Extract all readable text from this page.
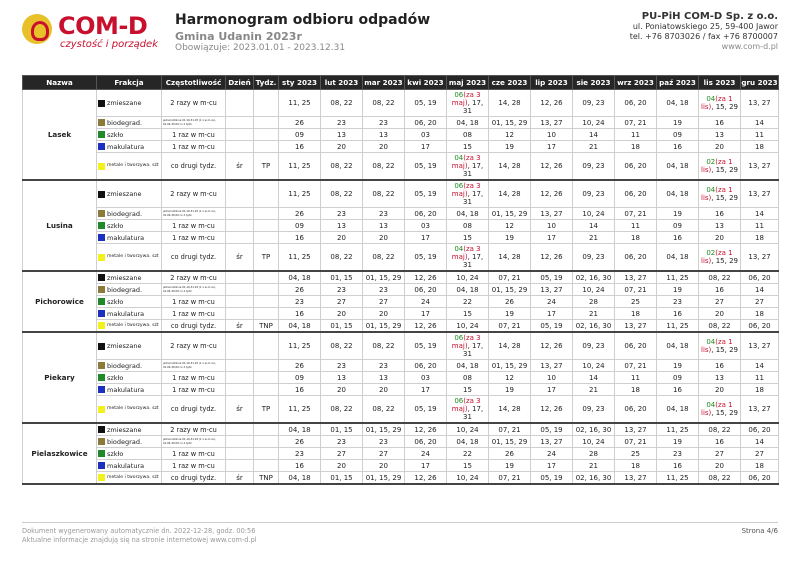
COM-D
czystość i porządek
Harmonogram odbioru odpadów
Gmina Udanin 2023r
Obowiązuje: 2023.01.01 - 2023.12.31
PU-PiH COM-D Sp. z o.o.
ul. Poniatowskiego 25, 59-400 Jawor
tel. +76 8703026 / fax +76 8700007
www.com-d.pl
Nazwa	Frakcja	Częstotliwość	Dzień	Tydz.	sty 2023	lut 2023	mar 2023	kwi 2023	maj 2023	cze 2023	lip 2023	sie 2023	wrz 2023	paź 2023	lis 2023	gru 2023
Lasek	zmieszane	2 razy w m-cu			11, 25	08, 22	08, 22	05, 19	06(za 3 maj), 17, 31	14, 28	12, 26	09, 23	06, 20	04, 18	04(za 1 lis), 15, 29	13, 27
	biodegrad.	jednorodzinne 01.10-31.03 (1 x w m-cu), 01.04-30.09 co 2 tydz.			26	23	23	06, 20	04, 18	01, 15, 29	13, 27	10, 24	07, 21	19	16	14
	szkło	1 raz w m-cu			09	13	13	03	08	12	10	14	11	09	13	11
	makulatura	1 raz w m-cu			16	20	20	17	15	19	17	21	18	16	20	18
	metale i tworzywa. szt	co drugi tydz.	śr	TP	11, 25	08, 22	08, 22	05, 19	04(za 3 maj), 17, 31	14, 28	12, 26	09, 23	06, 20	04, 18	02(za 1 lis), 15, 29	13, 27
Lusina	zmieszane	2 razy w m-cu			11, 25	08, 22	08, 22	05, 19	06(za 3 maj), 17, 31	14, 28	12, 26	09, 23	06, 20	04, 18	04(za 1 lis), 15, 29	13, 27
	biodegrad.	jednorodzinne 01.10-31.03 (1 x w m-cu), 01.04-30.09 co 2 tydz.			26	23	23	06, 20	04, 18	01, 15, 29	13, 27	10, 24	07, 21	19	16	14
	szkło	1 raz w m-cu			09	13	13	03	08	12	10	14	11	09	13	11
	makulatura	1 raz w m-cu			16	20	20	17	15	19	17	21	18	16	20	18
	metale i tworzywa. szt	co drugi tydz.	śr	TP	11, 25	08, 22	08, 22	05, 19	04(za 3 maj), 17, 31	14, 28	12, 26	09, 23	06, 20	04, 18	02(za 1 lis), 15, 29	13, 27
Pichorowice	zmieszane	2 razy w m-cu			04, 18	01, 15	01, 15, 29	12, 26	10, 24	07, 21	05, 19	02, 16, 30	13, 27	11, 25	08, 22	06, 20
	biodegrad.	jednorodzinne 01.10-31.03 (1 x w m-cu), 01.04-30.09 co 2 tydz.			26	23	23	06, 20	04, 18	01, 15, 29	13, 27	10, 24	07, 21	19	16	14
	szkło	1 raz w m-cu			23	27	27	24	22	26	24	28	25	23	27	27
	makulatura	1 raz w m-cu			16	20	20	17	15	19	17	21	18	16	20	18
	metale i tworzywa. szt	co drugi tydz.	śr	TNP	04, 18	01, 15	01, 15, 29	12, 26	10, 24	07, 21	05, 19	02, 16, 30	13, 27	11, 25	08, 22	06, 20
Piekary	zmieszane	2 razy w m-cu			11, 25	08, 22	08, 22	05, 19	06(za 3 maj), 17, 31	14, 28	12, 26	09, 23	06, 20	04, 18	04(za 1 lis), 15, 29	13, 27
	biodegrad.	jednorodzinne 01.10-31.03 (1 x w m-cu), 01.04-30.09 co 2 tydz.			26	23	23	06, 20	04, 18	01, 15, 29	13, 27	10, 24	07, 21	19	16	14
	szkło	1 raz w m-cu			09	13	13	03	08	12	10	14	11	09	13	11
	makulatura	1 raz w m-cu			16	20	20	17	15	19	17	21	18	16	20	18
	metale i tworzywa. szt	co drugi tydz.	śr	TP	11, 25	08, 22	08, 22	05, 19	06(za 3 maj), 17, 31	14, 28	12, 26	09, 23	06, 20	04, 18	04(za 1 lis), 15, 29	13, 27
Pielaszkowice	zmieszane	2 razy w m-cu			04, 18	01, 15	01, 15, 29	12, 26	10, 24	07, 21	05, 19	02, 16, 30	13, 27	11, 25	08, 22	06, 20
	biodegrad.	jednorodzinne 01.10-31.03 (1 x w m-cu), 01.04-30.09 co 2 tydz.			26	23	23	06, 20	04, 18	01, 15, 29	13, 27	10, 24	07, 21	19	16	14
	szkło	1 raz w m-cu			23	27	27	24	22	26	24	28	25	23	27	27
	makulatura	1 raz w m-cu			16	20	20	17	15	19	17	21	18	16	20	18
	metale i tworzywa. szt	co drugi tydz.	śr	TNP	04, 18	01, 15	01, 15, 29	12, 26	10, 24	07, 21	05, 19	02, 16, 30	13, 27	11, 25	08, 22	06, 20
Dokument wygenerowany automatycznie dn. 2022-12-28, godz. 00:56
Aktualne informacje znajdują się na stronie internetowej www.com-d.pl
Strona 4/6
